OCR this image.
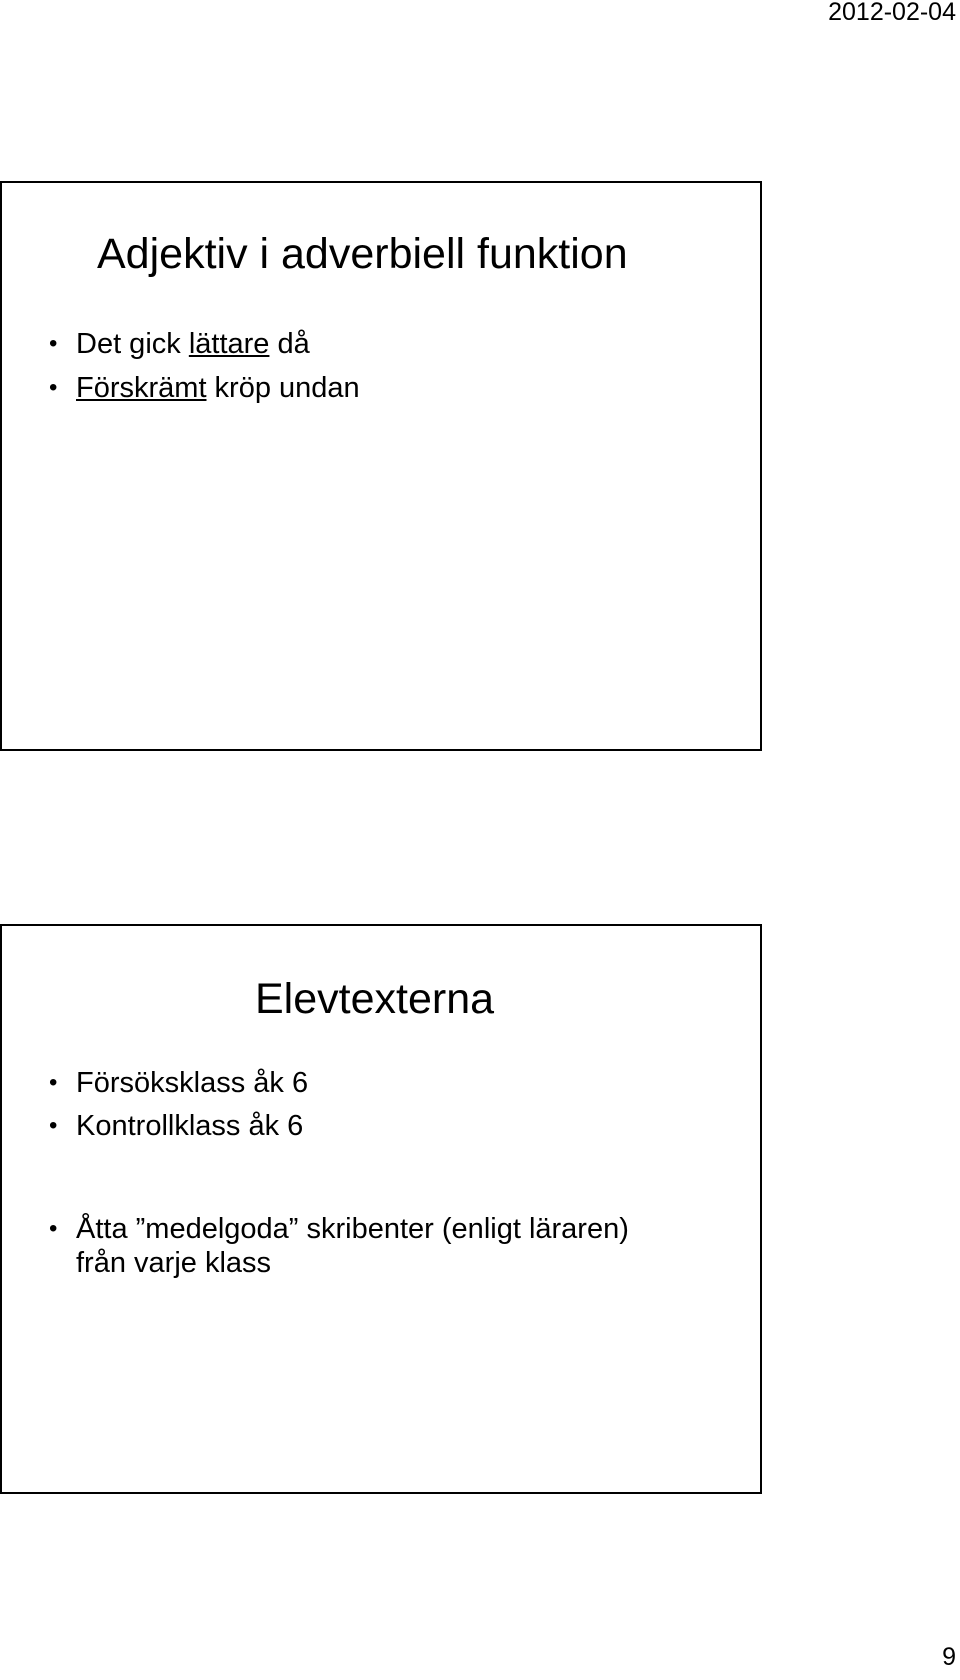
2012-02-04
Adjektiv i adverbiell funktion
• Det gick lättare då
• Förskrämt kröp undan
Elevtexterna
• Försöksklass åk 6
• Kontrollklass åk 6
• Åtta ”medelgoda” skribenter (enligt läraren) från varje klass
9
